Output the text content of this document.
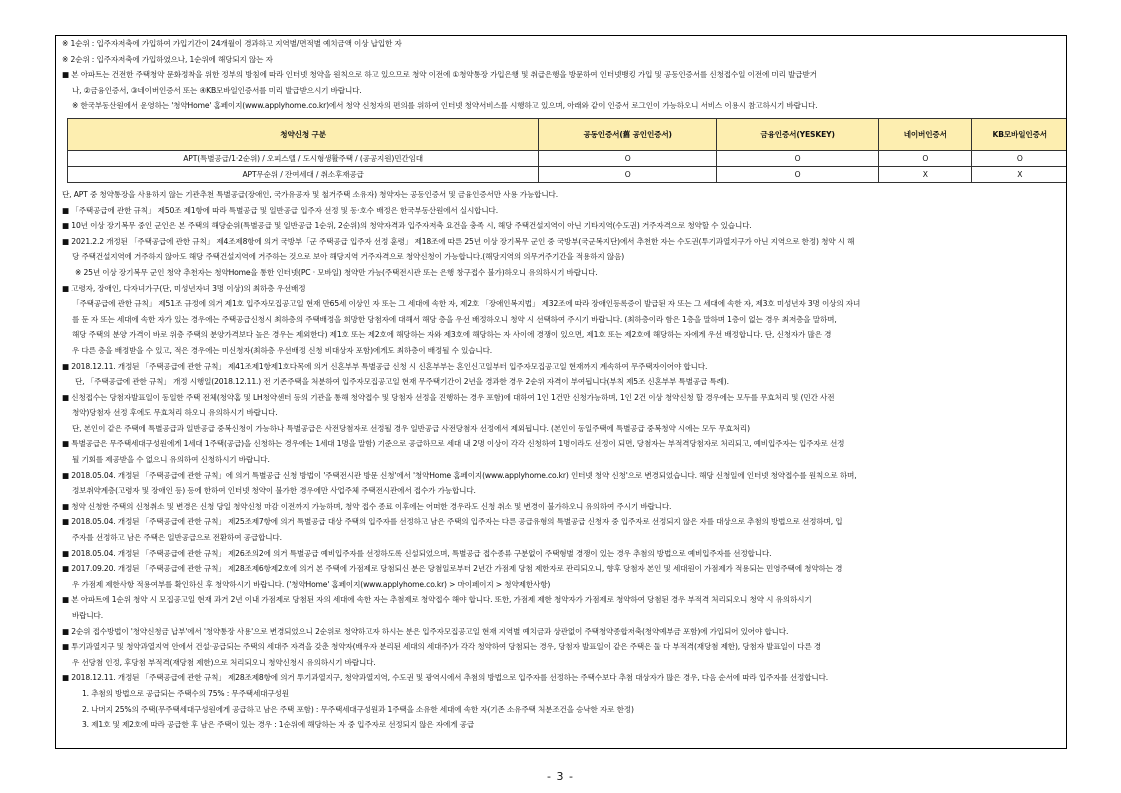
※ 1순위 : 입주자저축에 가입하여 가입기간이 24개월이 경과하고 지역별/면적별 예치금액 이상 납입한 자
※ 2순위 : 입주자저축에 가입하였으나, 1순위에 해당되지 않는 자
■ 본 아파트는 건전한 주택청약 문화정착을 위한 정부의 방침에 따라 인터넷 청약을 원칙으로 하고 있으므로 청약 이전에 ①청약통장 가입은행 및 취급은행을 방문하여 인터넷뱅킹 가입 및 공동인증서를 신청접수일 이전에 미리 발급받거
나, ②금융인증서, ③네이버인증서 또는 ④KB모바일인증서를 미리 발급받으시기 바랍니다.
※ 한국부동산원에서 운영하는 '청약Home' 홈페이지(www.applyhome.co.kr)에서 청약 신청자의 편의를 위하여 인터넷 청약서비스를 시행하고 있으며, 아래와 같이 인증서 로그인이 가능하오니 서비스 이용시 참고하시기 바랍니다.
청약신청 구분	공동인증서(舊 공인인증서)	금융인증서(YESKEY)	네이버인증서	KB모바일인증서
APT(특별공급/1·2순위) / 오피스텔 / 도시형생활주택 / (공공지원)민간임대	O	O	O	O
APT무순위 / 잔여세대 / 취소후재공급	O	O	X	X
단, APT 중 청약통장을 사용하지 않는 기관추천 특별공급(장애인, 국가유공자 및 철거주택 소유자) 청약자는 공동인증서 및 금융인증서만 사용 가능합니다.
■ 「주택공급에 관한 규칙」 제50조 제1항에 따라 특별공급 및 일반공급 입주자 선정 및 동·호수 배정은 한국부동산원에서 실시합니다.
■ 10년 이상 장기복무 중인 군인은 본 주택의 해당순위(특별공급 및 일반공급 1순위, 2순위)의 청약자격과 입주자저축 요건을 충족 시, 해당 주택건설지역이 아닌 기타지역(수도권) 거주자격으로 청약할 수 있습니다.
■ 2021.2.2 개정된 「주택공급에 관한 규칙」 제4조제8항에 의거 국방부「군 주택공급 입주자 선정 훈령」 제18조에 따른 25년 이상 장기복무 군인 중 국방부(국군복지단)에서 추천한 자는 수도권(투기과열지구가 아닌 지역으로 한정) 청약 시 해
당 주택건설지역에 거주하지 않아도 해당 주택건설지역에 거주하는 것으로 보아 해당지역 거주자격으로 청약신청이 가능합니다.(해당지역의 의무거주기간을 적용하지 않음)
※ 25년 이상 장기복무 군인 청약 추천자는 청약Home을 통한 인터넷(PC · 모바일) 청약만 가능(주택전시관 또는 은행 창구접수 불가)하오니 유의하시기 바랍니다.
■ 고령자, 장애인, 다자녀가구(단, 미성년자녀 3명 이상)의 최하층 우선배정
「주택공급에 관한 규칙」 제51조 규정에 의거 제1호 입주자모집공고일 현재 만65세 이상인 자 또는 그 세대에 속한 자, 제2호 「장애인복지법」 제32조에 따라 장애인등록증이 발급된 자 또는 그 세대에 속한 자, 제3호 미성년자 3명 이상의 자녀
를 둔 자 또는 세대에 속한 자가 있는 경우에는 주택공급신청시 최하층의 주택배정을 희망한 당첨자에 대해서 해당 층을 우선 배정하오니 청약 시 선택하여 주시기 바랍니다. (최하층이라 함은 1층을 말하며 1층이 없는 경우 최저층을 말하며,
해당 주택의 분양 가격이 바로 위층 주택의 분양가격보다 높은 경우는 제외한다) 제1호 또는 제2호에 해당하는 자와 제3호에 해당하는 자 사이에 경쟁이 있으면, 제1호 또는 제2호에 해당하는 자에게 우선 배정합니다. 단, 신청자가 많은 경
우 다른 층을 배정받을 수 있고, 적은 경우에는 미신청자(최하층 우선배정 신청 비대상자 포함)에게도 최하층이 배정될 수 있습니다.
■ 2018.12.11. 개정된 「주택공급에 관한 규칙」 제41조제1항제1호다목에 의거 신혼부부 특별공급 신청 시 신혼부부는 혼인신고일부터 입주자모집공고일 현재까지 계속하여 무주택자이어야 합니다.
단, 「주택공급에 관한 규칙」 개정 시행일(2018.12.11.) 전 기존주택을 처분하여 입주자모집공고일 현재 무주택기간이 2년을 경과한 경우 2순위 자격이 부여됩니다(부칙 제5조 신혼부부 특별공급 특례).
■ 신청접수는 당첨자발표일이 동일한 주택 전체(청약홈 및 LH청약센터 등의 기관을 통해 청약접수 및 당첨자 선정을 진행하는 경우 포함)에 대하여 1인 1건만 신청가능하며, 1인 2건 이상 청약신청 할 경우에는 모두를 무효처리 및 (민간 사전
청약)당첨자 선정 후에도 무효처리 하오니 유의하시기 바랍니다.
단, 본인이 같은 주택에 특별공급과 일반공급 중복신청이 가능하나 특별공급은 사전당첨자로 선정될 경우 일반공급 사전당첨자 선정에서 제외됩니다. (본인이 동일주택에 특별공급 중복청약 시에는 모두 무효처리)
■ 특별공급은 무주택세대구성원에게 1세대 1주택(공급)을 신청하는 경우에는 1세대 1명을 말함) 기준으로 공급하므로 세대 내 2명 이상이 각각 신청하여 1명이라도 선정이 되면, 당첨자는 부적격당첨자로 처리되고, 예비입주자는 입주자로 선정
될 기회를 제공받을 수 없으니 유의하여 신청하시기 바랍니다.
■ 2018.05.04. 개정된 「주택공급에 관한 규칙」에 의거 특별공급 신청 방법이 '주택전시관 방문 신청'에서 '청약Home 홈페이지(www.applyhome.co.kr) 인터넷 청약 신청'으로 변경되었습니다. 해당 신청일에 인터넷 청약접수를 원칙으로 하며,
정보취약계층(고령자 및 장애인 등) 등에 한하여 인터넷 청약이 불가한 경우에만 사업주체 주택전시관에서 접수가 가능합니다.
■ 청약 신청한 주택의 신청취소 및 변경은 신청 당일 청약신청 마감 이전까지 가능하며, 청약 접수 종료 이후에는 어떠한 경우라도 신청 취소 및 변경이 불가하오니 유의하여 주시기 바랍니다.
■ 2018.05.04. 개정된 「주택공급에 관한 규칙」 제25조제7항에 의거 특별공급 대상 주택의 입주자를 선정하고 남은 주택의 입주자는 다른 공급유형의 특별공급 신청자 중 입주자로 선정되지 않은 자를 대상으로 추첨의 방법으로 선정하며, 입
주자를 선정하고 남은 주택은 일반공급으로 전환하여 공급합니다.
■ 2018.05.04. 개정된 「주택공급에 관한 규칙」 제26조의2에 의거 특별공급 예비입주자를 선정하도록 신설되었으며, 특별공급 접수종류 구분없이 주택형별 경쟁이 있는 경우 추첨의 방법으로 예비입주자를 선정합니다.
■ 2017.09.20. 개정된 「주택공급에 관한 규칙」 제28조제6항제2호에 의거 본 주택에 가점제로 당첨되신 분은 당첨일로부터 2년간 가점제 당첨 제한자로 관리되오니, 향후 당첨자 본인 및 세대원이 가점제가 적용되는 민영주택에 청약하는 경
우 가점제 제한사항 적용여부를 확인하신 후 청약하시기 바랍니다. ('청약Home' 홈페이지(www.applyhome.co.kr) > 마이페이지 > 청약제한사항)
■ 본 아파트에 1순위 청약 시 모집공고일 현재 과거 2년 이내 가점제로 당첨된 자의 세대에 속한 자는 추첨제로 청약접수 해야 합니다. 또한, 가점제 제한 청약자가 가점제로 청약하여 당첨된 경우 부적격 처리되오니 청약 시 유의하시기
바랍니다.
■ 2순위 접수방법이 '청약신청금 납부'에서 '청약통장 사용'으로 변경되었으니 2순위로 청약하고자 하시는 분은 입주자모집공고일 현재 지역별 예치금과 상관없이 주택청약종합저축(청약예부금 포함)에 가입되어 있어야 합니다.
■ 투기과열지구 및 청약과열지역 안에서 건설·공급되는 주택의 세대주 자격을 갖춘 청약자(배우자 분리된 세대의 세대주)가 각각 청약하여 당첨되는 경우, 당첨자 발표일이 같은 주택은 둘 다 부적격(재당첨 제한), 당첨자 발표일이 다른 경
우 선당첨 인정, 후당첨 부적격(재당첨 제한)으로 처리되오니 청약신청시 유의하시기 바랍니다.
■ 2018.12.11. 개정된 「주택공급에 관한 규칙」 제28조제8항에 의거 투기과열지구, 청약과열지역, 수도권 및 광역시에서 추첨의 방법으로 입주자를 선정하는 주택수보다 추첨 대상자가 많은 경우, 다음 순서에 따라 입주자를 선정합니다.
1. 추첨의 방법으로 공급되는 주택수의 75% : 무주택세대구성원
2. 나머지 25%의 주택(무주택세대구성원에게 공급하고 남은 주택 포함) : 무주택세대구성원과 1주택을 소유한 세대에 속한 자(기존 소유주택 처분조건을 승낙한 자로 한정)
3. 제1호 및 제2호에 따라 공급한 후 남은 주택이 있는 경우 : 1순위에 해당하는 자 중 입주자로 선정되지 않은 자에게 공급
- 3 -
